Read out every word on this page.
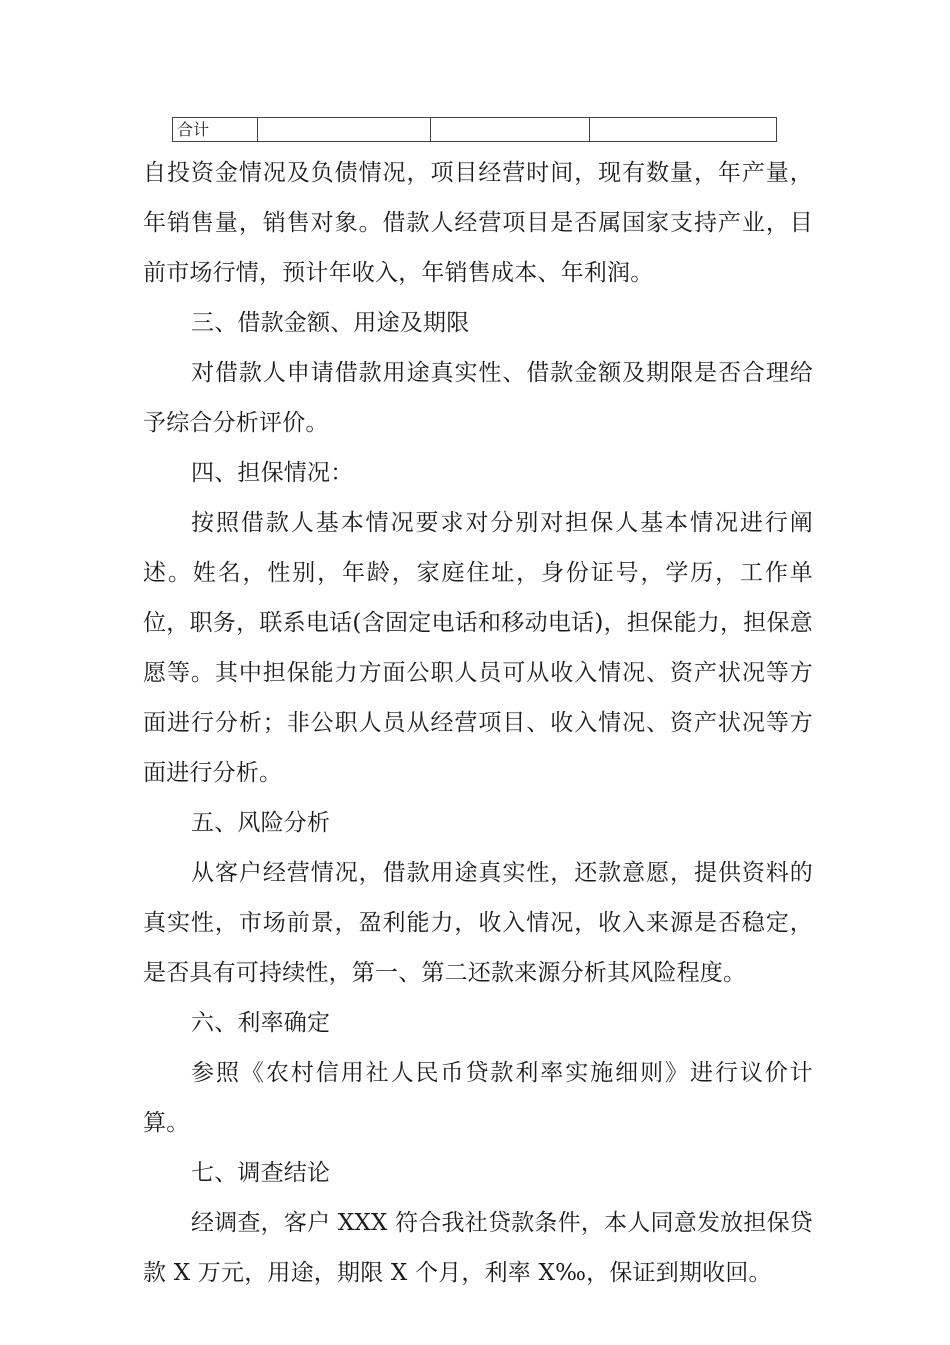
合计			

自投资金情况及负债情况，项目经营时间，现有数量，年产量，年销售量，销售对象。借款人经营项目是否属国家支持产业，目前市场行情，预计年收入，年销售成本、年利润。

三、借款金额、用途及期限

对借款人申请借款用途真实性、借款金额及期限是否合理给予综合分析评价。

四、担保情况：

按照借款人基本情况要求对分别对担保人基本情况进行阐述。姓名，性别，年龄，家庭住址，身份证号，学历，工作单位，职务，联系电话(含固定电话和移动电话)，担保能力，担保意愿等。其中担保能力方面公职人员可从收入情况、资产状况等方面进行分析；非公职人员从经营项目、收入情况、资产状况等方面进行分析。

五、风险分析

从客户经营情况，借款用途真实性，还款意愿，提供资料的真实性，市场前景，盈利能力，收入情况，收入来源是否稳定，是否具有可持续性，第一、第二还款来源分析其风险程度。

六、利率确定

参照《农村信用社人民币贷款利率实施细则》进行议价计算。

七、调查结论

经调查，客户 XXX 符合我社贷款条件，本人同意发放担保贷款 X 万元，用途，期限 X 个月，利率 X‰，保证到期收回。
